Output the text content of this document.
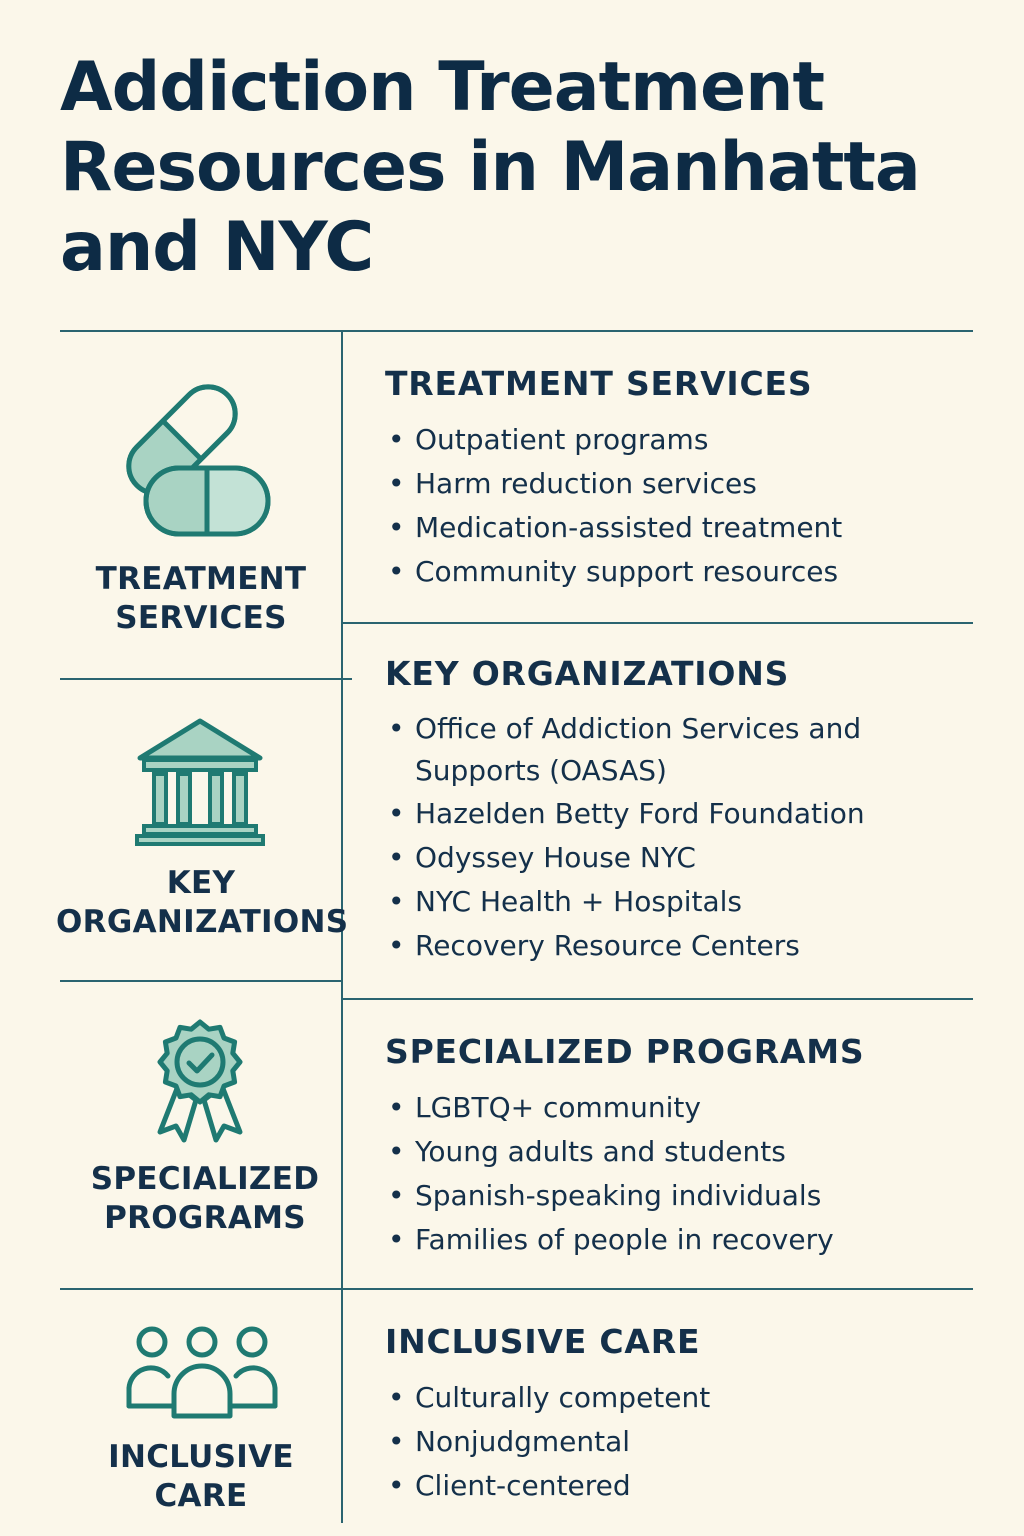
Addiction Treatment
Resources in Manhatta
and NYC
TREATMENT
SERVICES
TREATMENT SERVICES
• Outpatient programs
• Harm reduction services
• Medication-assisted treatment
• Community support resources
KEY
ORGANIZATIONS
KEY ORGANIZATIONS
• Office of Addiction Services and Supports (OASAS)
• Hazelden Betty Ford Foundation
• Odyssey House NYC
• NYC Health + Hospitals
• Recovery Resource Centers
SPECIALIZED
PROGRAMS
SPECIALIZED PROGRAMS
• LGBTQ+ community
• Young adults and students
• Spanish-speaking individuals
• Families of people in recovery
INCLUSIVE
CARE
INCLUSIVE CARE
• Culturally competent
• Nonjudgmental
• Client-centered
